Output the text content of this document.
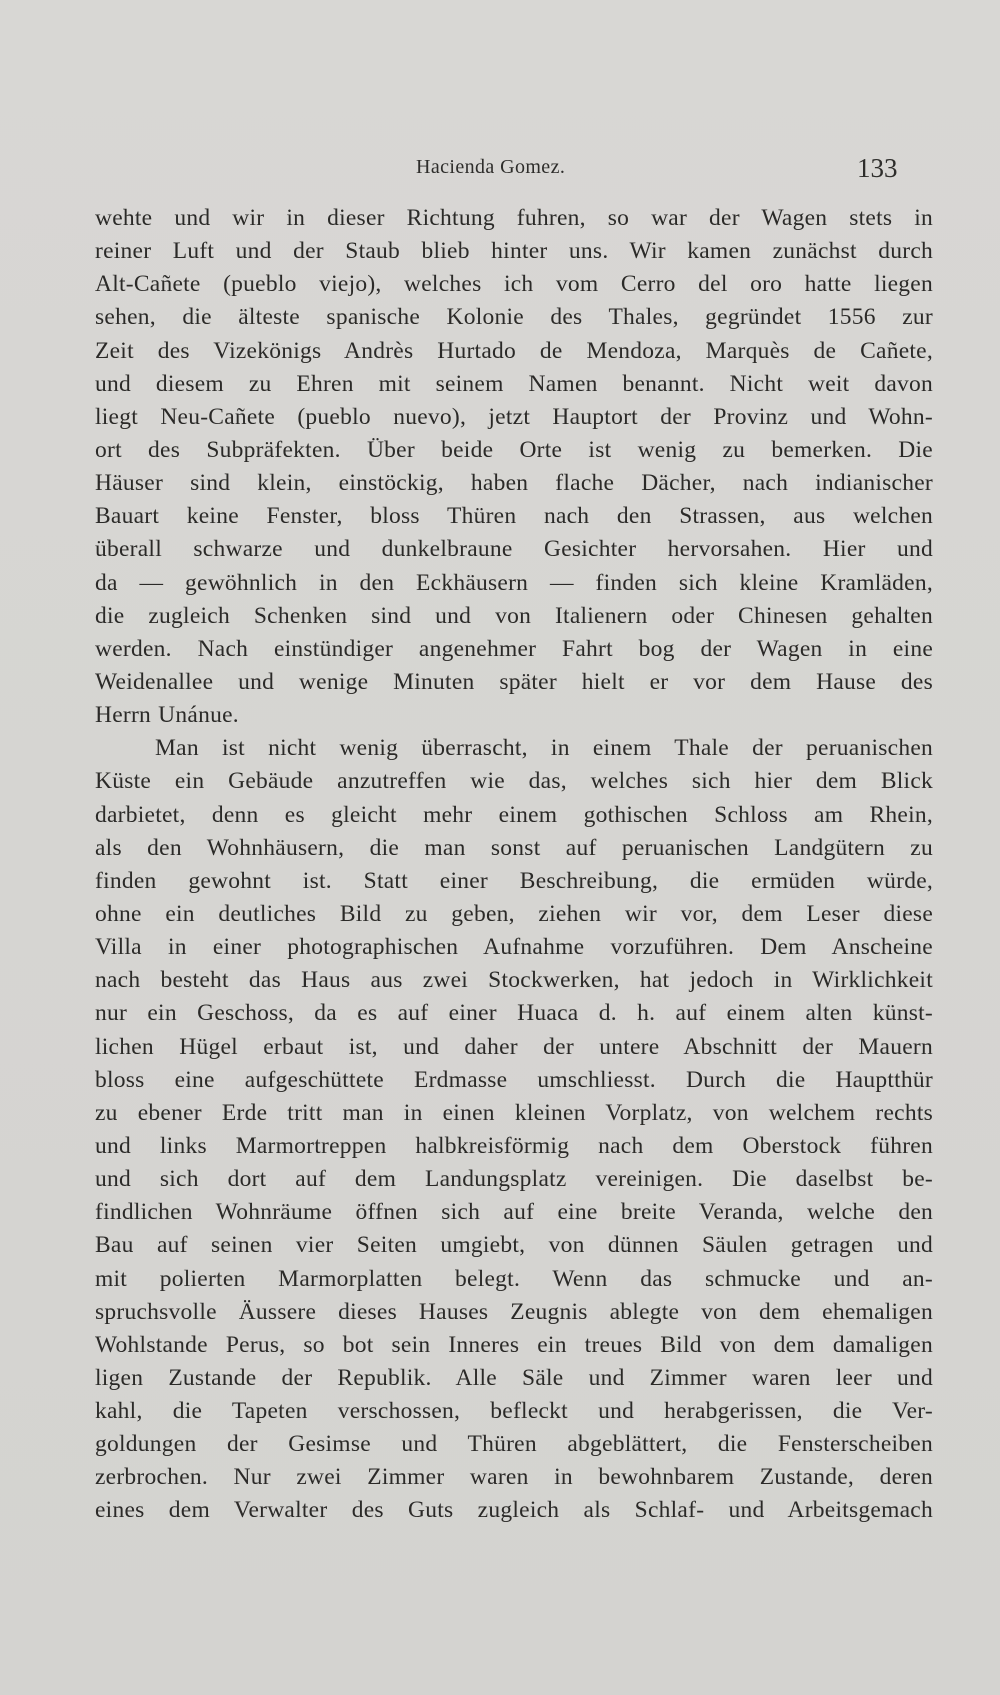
Hacienda Gomez.	133
wehte und wir in dieser Richtung fuhren, so war der Wagen stets in
reiner Luft und der Staub blieb hinter uns. Wir kamen zunächst durch
Alt-Cañete (pueblo viejo), welches ich vom Cerro del oro hatte liegen
sehen, die älteste spanische Kolonie des Thales, gegründet 1556 zur
Zeit des Vizekönigs Andrès Hurtado de Mendoza, Marquès de Cañete,
und diesem zu Ehren mit seinem Namen benannt. Nicht weit davon
liegt Neu-Cañete (pueblo nuevo), jetzt Hauptort der Provinz und Wohn-
ort des Subpräfekten. Über beide Orte ist wenig zu bemerken. Die
Häuser sind klein, einstöckig, haben flache Dächer, nach indianischer
Bauart keine Fenster, bloss Thüren nach den Strassen, aus welchen
überall schwarze und dunkelbraune Gesichter hervorsahen. Hier und
da — gewöhnlich in den Eckhäusern — finden sich kleine Kramläden,
die zugleich Schenken sind und von Italienern oder Chinesen gehalten
werden. Nach einstündiger angenehmer Fahrt bog der Wagen in eine
Weidenallee und wenige Minuten später hielt er vor dem Hause des
Herrn Unánue.
Man ist nicht wenig überrascht, in einem Thale der peruanischen
Küste ein Gebäude anzutreffen wie das, welches sich hier dem Blick
darbietet, denn es gleicht mehr einem gothischen Schloss am Rhein,
als den Wohnhäusern, die man sonst auf peruanischen Landgütern zu
finden gewohnt ist. Statt einer Beschreibung, die ermüden würde,
ohne ein deutliches Bild zu geben, ziehen wir vor, dem Leser diese
Villa in einer photographischen Aufnahme vorzuführen. Dem Anscheine
nach besteht das Haus aus zwei Stockwerken, hat jedoch in Wirklichkeit
nur ein Geschoss, da es auf einer Huaca d. h. auf einem alten künst-
lichen Hügel erbaut ist, und daher der untere Abschnitt der Mauern
bloss eine aufgeschüttete Erdmasse umschliesst. Durch die Hauptthür
zu ebener Erde tritt man in einen kleinen Vorplatz, von welchem rechts
und links Marmortreppen halbkreisförmig nach dem Oberstock führen
und sich dort auf dem Landungsplatz vereinigen. Die daselbst be-
findlichen Wohnräume öffnen sich auf eine breite Veranda, welche den
Bau auf seinen vier Seiten umgiebt, von dünnen Säulen getragen und
mit polierten Marmorplatten belegt. Wenn das schmucke und an-
spruchsvolle Äussere dieses Hauses Zeugnis ablegte von dem ehemaligen
Wohlstande Perus, so bot sein Inneres ein treues Bild von dem damaligen
ligen Zustande der Republik. Alle Säle und Zimmer waren leer und
kahl, die Tapeten verschossen, befleckt und herabgerissen, die Ver-
goldungen der Gesimse und Thüren abgeblättert, die Fensterscheiben
zerbrochen. Nur zwei Zimmer waren in bewohnbarem Zustande, deren
eines dem Verwalter des Guts zugleich als Schlaf- und Arbeitsgemach
